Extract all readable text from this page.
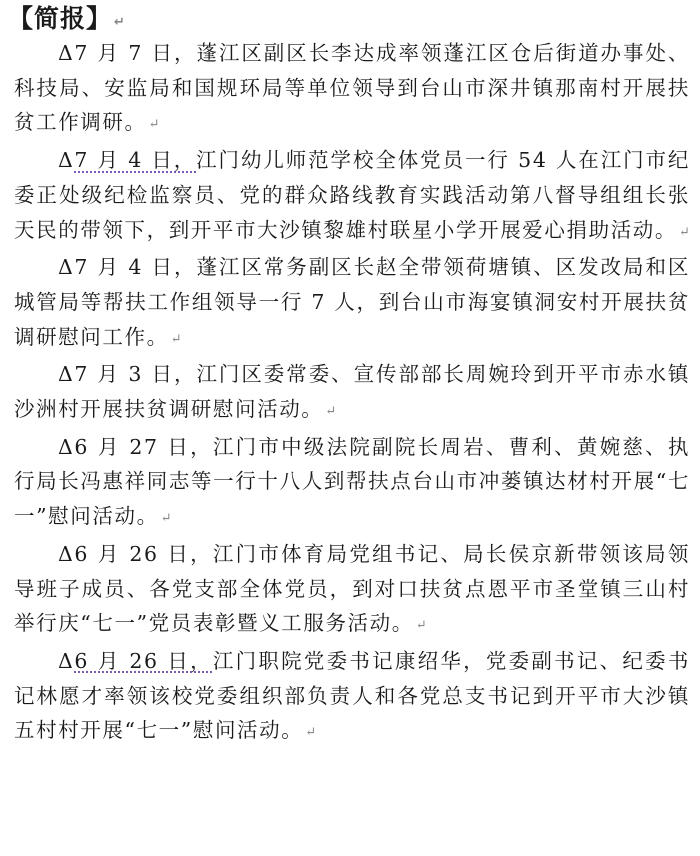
【简报】 ↵

Δ7 月 7 日，蓬江区副区长李达成率领蓬江区仓后街道办事处、科技局、安监局和国规环局等单位领导到台山市深井镇那南村开展扶贫工作调研。 ↵

Δ7 月 4 日，江门幼儿师范学校全体党员一行 54 人在江门市纪委正处级纪检监察员、党的群众路线教育实践活动第八督导组组长张天民的带领下，到开平市大沙镇黎雄村联星小学开展爱心捐助活动。 ↵

Δ7 月 4 日，蓬江区常务副区长赵全带领荷塘镇、区发改局和区城管局等帮扶工作组领导一行 7 人，到台山市海宴镇洞安村开展扶贫调研慰问工作。 ↵

Δ7 月 3 日，江门区委常委、宣传部部长周婉玲到开平市赤水镇沙洲村开展扶贫调研慰问活动。 ↵

Δ6 月 27 日，江门市中级法院副院长周岩、曹利、黄婉慈、执行局长冯惠祥同志等一行十八人到帮扶点台山市冲蒌镇达材村开展“七一”慰问活动。 ↵

Δ6 月 26 日，江门市体育局党组书记、局长侯京新带领该局领导班子成员、各党支部全体党员，到对口扶贫点恩平市圣堂镇三山村举行庆“七一”党员表彰暨义工服务活动。 ↵

Δ6 月 26 日，江门职院党委书记康绍华，党委副书记、纪委书记林愿才率领该校党委组织部负责人和各党总支书记到开平市大沙镇五村村开展“七一”慰问活动。 ↵
